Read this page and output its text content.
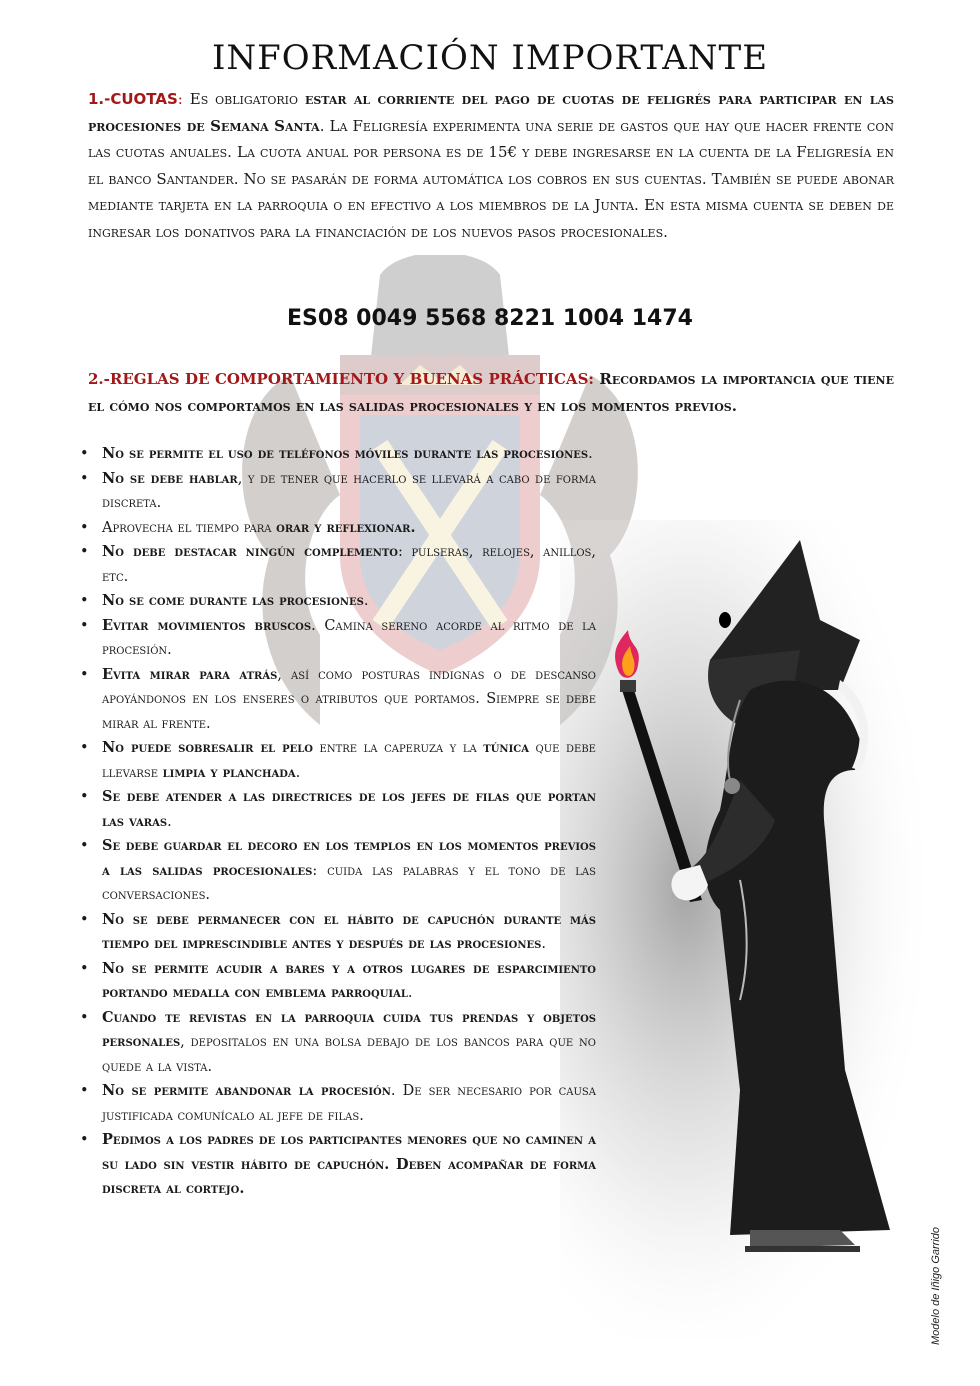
INFORMACIÓN IMPORTANTE

1.-CUOTAS: Es obligatorio estar al corriente del pago de cuotas de feligrés para participar en las procesiones de Semana Santa. La Feligresía experimenta una serie de gastos que hay que hacer frente con las cuotas anuales. La cuota anual por persona es de 15€ y debe ingresarse en la cuenta de la Feligresía en el banco Santander. No se pasarán de forma automática los cobros en sus cuentas. También se puede abonar mediante tarjeta en la parroquia o en efectivo a los miembros de la Junta. En esta misma cuenta se deben de ingresar los donativos para la financiación de los nuevos pasos procesionales.

ES08 0049 5568 8221 1004 1474

2.-REGLAS DE COMPORTAMIENTO Y BUENAS PRÁCTICAS: Recordamos la importancia que tiene el cómo nos comportamos en las salidas procesionales y en los momentos previos.

• No se permite el uso de teléfonos móviles durante las procesiones.
• No se debe hablar, y de tener que hacerlo se llevará a cabo de forma discreta.
• Aprovecha el tiempo para orar y reflexionar.
• No debe destacar ningún complemento: pulseras, relojes, anillos, etc.
• No se come durante las procesiones.
• Evitar movimientos bruscos. Camina sereno acorde al ritmo de la procesión.
• Evita mirar para atrás, así como posturas indignas o de descanso apoyándonos en los enseres o atributos que portamos. Siempre se debe mirar al frente.
• No puede sobresalir el pelo entre la caperuza y la túnica que debe llevarse limpia y planchada.
• Se debe atender a las directrices de los jefes de filas que portan las varas.
• Se debe guardar el decoro en los templos en los momentos previos a las salidas procesionales: cuida las palabras y el tono de las conversaciones.
• No se debe permanecer con el hábito de capuchón durante más tiempo del imprescindible antes y después de las procesiones.
• No se permite acudir a bares y a otros lugares de esparcimiento portando medalla con emblema parroquial.
• Cuando te revistas en la parroquia cuida tus prendas y objetos personales, depositalos en una bolsa debajo de los bancos para que no quede a la vista.
• No se permite abandonar la procesión. De ser necesario por causa justificada comunícalo al jefe de filas.
• Pedimos a los padres de los participantes menores que no caminen a su lado sin vestir hábito de capuchón. Deben acompañar de forma discreta al cortejo.
Modelo de Iñigo Garrido
